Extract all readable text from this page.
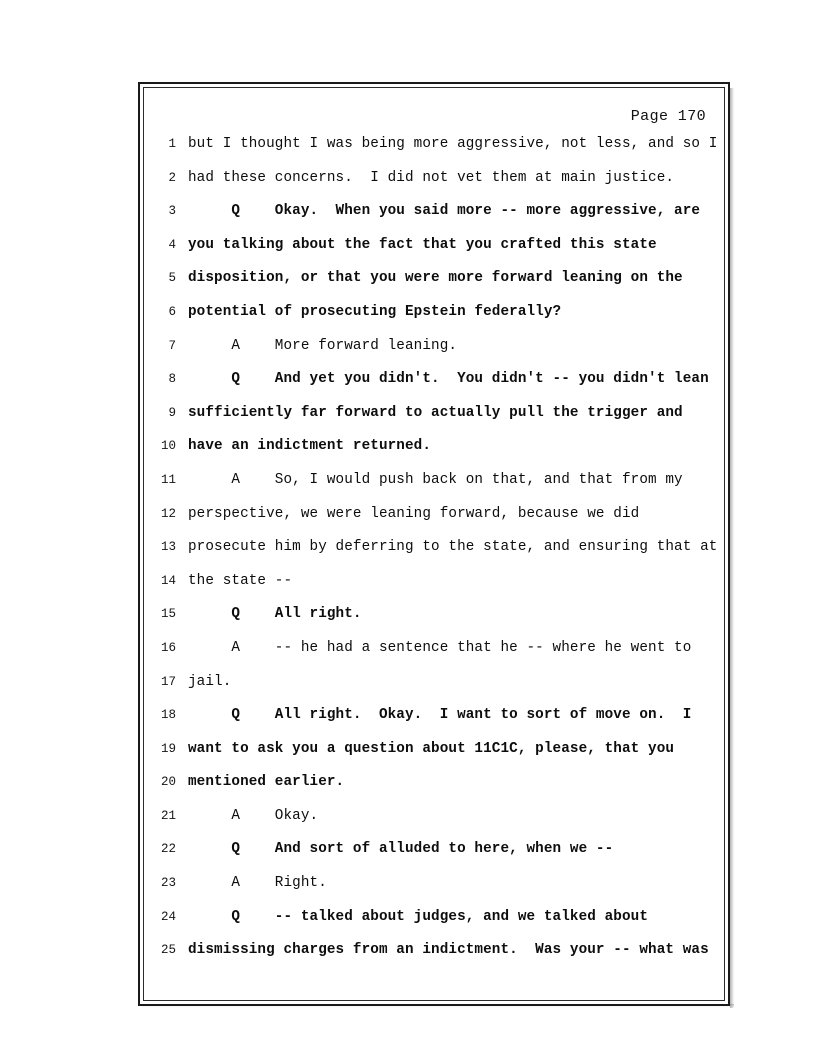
Page 170
1 but I thought I was being more aggressive, not less, and so I
2 had these concerns.  I did not vet them at main justice.
3 Q    Okay.  When you said more -- more aggressive, are
4 you talking about the fact that you crafted this state
5 disposition, or that you were more forward leaning on the
6 potential of prosecuting Epstein federally?
7 A    More forward leaning.
8 Q    And yet you didn't.  You didn't -- you didn't lean
9 sufficiently far forward to actually pull the trigger and
10 have an indictment returned.
11 A    So, I would push back on that, and that from my
12 perspective, we were leaning forward, because we did
13 prosecute him by deferring to the state, and ensuring that at
14 the state --
15 Q    All right.
16 A    -- he had a sentence that he -- where he went to
17 jail.
18 Q    All right.  Okay.  I want to sort of move on.  I
19 want to ask you a question about 11C1C, please, that you
20 mentioned earlier.
21 A    Okay.
22 Q    And sort of alluded to here, when we --
23 A    Right.
24 Q    -- talked about judges, and we talked about
25 dismissing charges from an indictment.  Was your -- what was
